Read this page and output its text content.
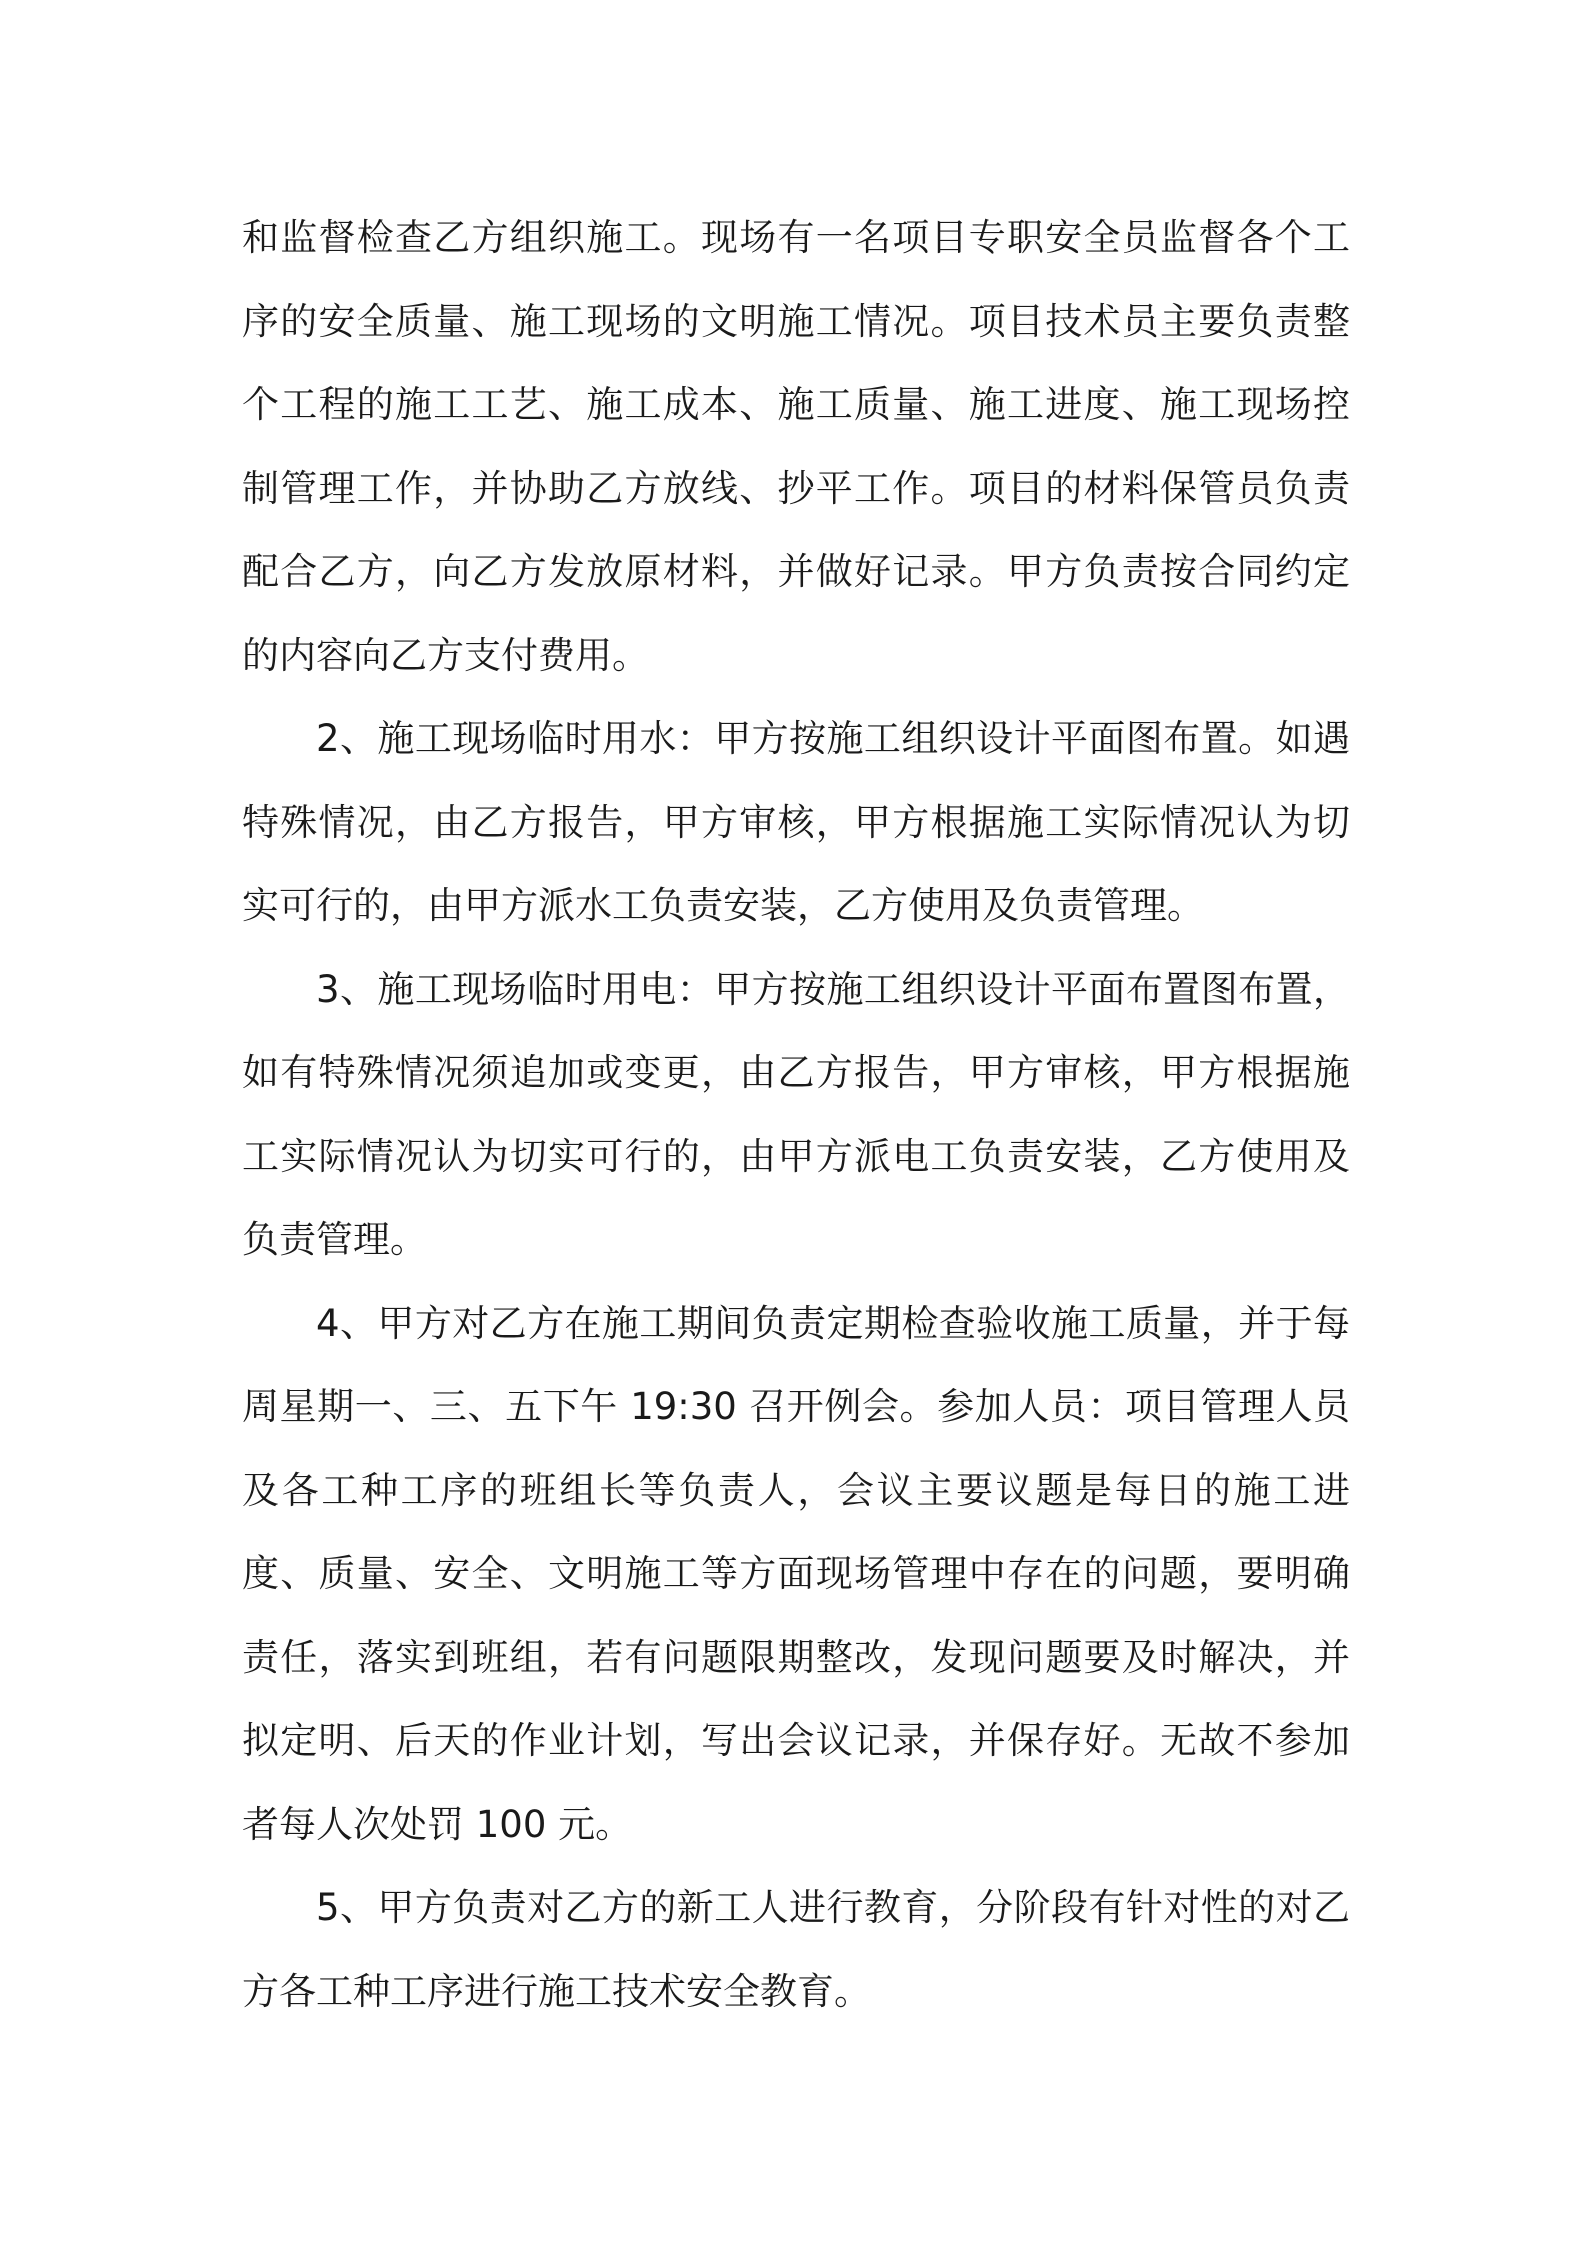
和监督检查乙方组织施工。现场有一名项目专职安全员监督各个工序的安全质量、施工现场的文明施工情况。项目技术员主要负责整个工程的施工工艺、施工成本、施工质量、施工进度、施工现场控制管理工作，并协助乙方放线、抄平工作。项目的材料保管员负责配合乙方，向乙方发放原材料，并做好记录。甲方负责按合同约定的内容向乙方支付费用。

2、施工现场临时用水：甲方按施工组织设计平面图布置。如遇特殊情况，由乙方报告，甲方审核，甲方根据施工实际情况认为切实可行的，由甲方派水工负责安装，乙方使用及负责管理。

3、施工现场临时用电：甲方按施工组织设计平面布置图布置，如有特殊情况须追加或变更，由乙方报告，甲方审核，甲方根据施工实际情况认为切实可行的，由甲方派电工负责安装，乙方使用及负责管理。

4、甲方对乙方在施工期间负责定期检查验收施工质量，并于每周星期一、三、五下午 19:30 召开例会。参加人员：项目管理人员及各工种工序的班组长等负责人，会议主要议题是每日的施工进度、质量、安全、文明施工等方面现场管理中存在的问题，要明确责任，落实到班组，若有问题限期整改，发现问题要及时解决，并拟定明、后天的作业计划，写出会议记录，并保存好。无故不参加者每人次处罚 100 元。

5、甲方负责对乙方的新工人进行教育，分阶段有针对性的对乙方各工种工序进行施工技术安全教育。
